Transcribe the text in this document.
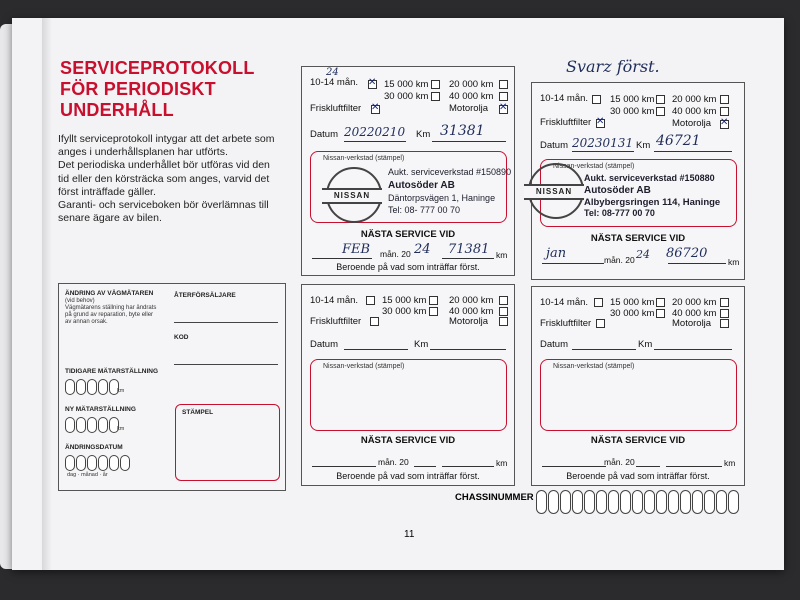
SERVICEPROTOKOLL
FÖR PERIODISKT
UNDERHÅLL
Ifyllt serviceprotokoll intygar att det arbete som
anges i underhållsplanen har utförts.
Det periodiska underhållet bör utföras vid den
tid eller den körsträcka som anges, varvid det
först inträffade gäller.
Garanti- och serviceboken bör överlämnas till
senare ägare av bilen.
ÄNDRING AV VÄGMÄTAREN
(vid behov)
Vägmätarens ställning har ändrats
på grund av reparation, byte eller
av annan orsak.
ÅTERFÖRSÄLJARE
KOD
TIDIGARE MÄTARSTÄLLNING
km
NY MÄTARSTÄLLNING
km
ÄNDRINGSDATUM
dag · månad · år
STÄMPEL
10-14 mån.
24
✕
15 000 km 20 000 km
30 000 km 40 000 km
Friskluftfilter ✕	Motorolja
✕
Datum 20220210 Km 31381
Nissan-verkstad (stämpel)
NISSAN
Aukt. serviceverkstad #150890
Autosöder AB
Däntorpsvägen 1, Haninge
Tel: 08- 777 00 70
NÄSTA SERVICE VID
FEB mån. 20 24 71381 km
Beroende på vad som inträffar först.
Svarz först.
10-14 mån. 15 000 km 20 000 km
30 000 km 40 000 km
Friskluftfilter ✕	Motorolja
✕
Datum 20230131 Km 46721
Nissan-verkstad (stämpel)
NISSAN
Aukt. serviceverkstad #150880
Autosöder AB
Albybergsringen 114, Haninge
Tel: 08-777 00 70
NÄSTA SERVICE VID
jan	mån. 20 24 86720
km
10-14 mån.	15 000 km 20 000 km
30 000 km 40 000 km
Friskluftfilter	Motorolja
Datum	Km
Nissan-verkstad (stämpel)
NÄSTA SERVICE VID
mån. 20	km
Beroende på vad som inträffar först.
10-14 mån. 15 000 km 20 000 km
30 000 km 40 000 km
Friskluftfilter	Motorolja
Datum	Km
Nissan-verkstad (stämpel)
NÄSTA SERVICE VID
mån. 20	km
Beroende på vad som inträffar först.
CHASSINUMMER
11
